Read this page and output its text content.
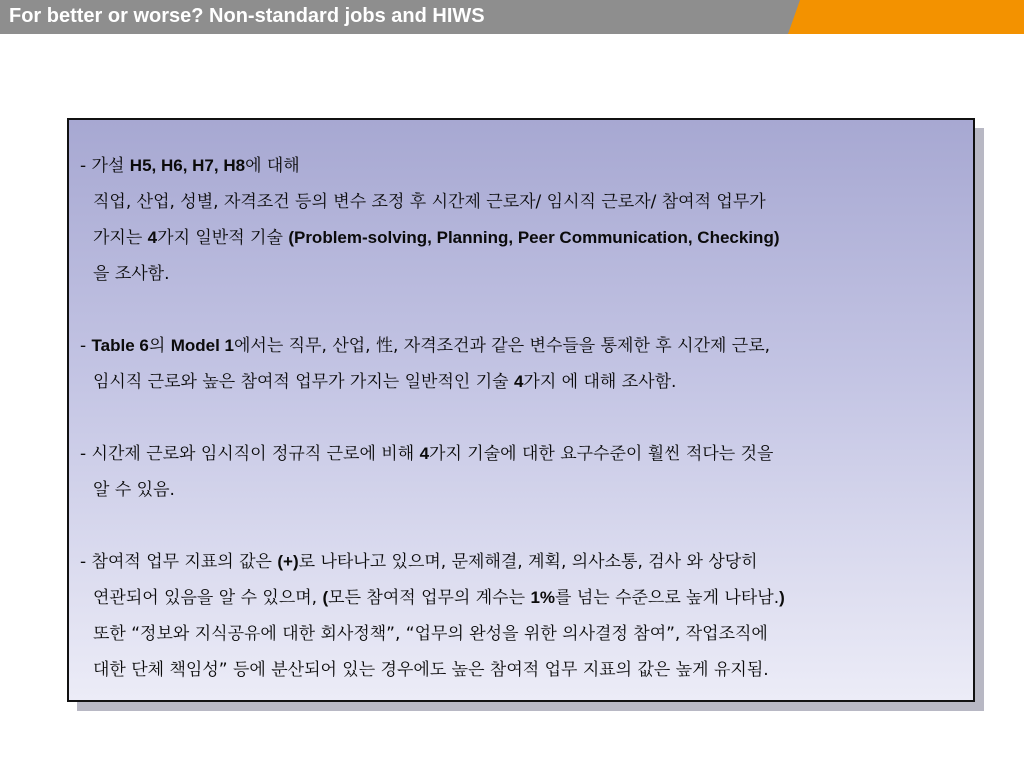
For better or worse? Non-standard jobs and HIWS
- 가설 H5, H6, H7, H8에 대해
직업, 산업, 성별, 자격조건 등의 변수 조정 후 시간제 근로자/ 임시직 근로자/ 참여적 업무가
가지는 4가지 일반적 기술 (Problem-solving, Planning, Peer Communication, Checking)
을 조사함.
- Table 6의 Model 1에서는 직무, 산업, 性, 자격조건과 같은 변수들을 통제한 후 시간제 근로,
임시직 근로와 높은 참여적 업무가 가지는 일반적인 기술 4가지 에 대해 조사함.
- 시간제 근로와 임시직이 정규직 근로에 비해 4가지 기술에 대한 요구수준이 훨씬 적다는 것을
알 수 있음.
- 참여적 업무 지표의 값은 (+)로 나타나고 있으며, 문제해결, 계획, 의사소통, 검사 와 상당히
연관되어 있음을 알 수 있으며, (모든 참여적 업무의 계수는 1%를 넘는 수준으로 높게 나타남.)
또한 “정보와 지식공유에 대한 회사정책”, “업무의 완성을 위한 의사결정 참여”, 작업조직에
대한 단체 책임성” 등에 분산되어 있는 경우에도 높은 참여적 업무 지표의 값은 높게 유지됨.
